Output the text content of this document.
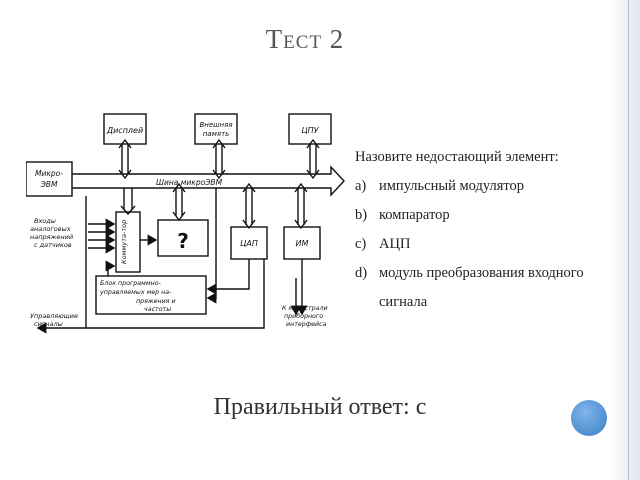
Тест 2
Дисплей
Внешняя
память	ЦПУ
Микро-
ЭВМ	Шина микроЭВМ
Входы
аналоговых
напряжений
с датчиков	Коммута-тор ?	ЦАП	ИМ
Блок программно-
управляемых мер на-
пряжения и
частоты
Управляющие
сигналы
К магистрали
приборного
интерфейса
Назовите недостающий элемент:
a) импульсный модулятор
b) компаратор
c) АЦП
d) модуль преобразования входного
сигнала
Правильный ответ: с
